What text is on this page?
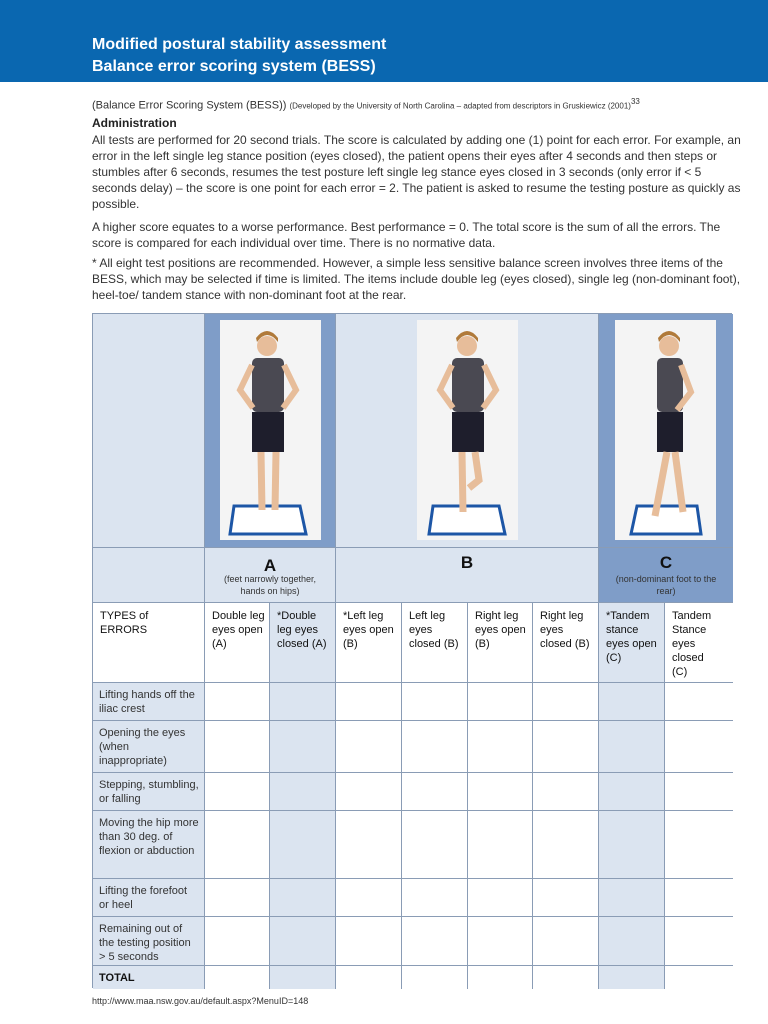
Modified postural stability assessment
Balance error scoring system (BESS)
(Balance Error Scoring System (BESS)) (Developed by the University of North Carolina – adapted from descriptors in Gruskiewicz $(2001)^{33}$
Administration
All tests are performed for 20 second trials. The score is calculated by adding one (1) point for each error. For example, an error in the left single leg stance position (eyes closed), the patient opens their eyes after 4 seconds and then steps or stumbles after 6 seconds, resumes the test posture left single leg stance eyes closed in 3 seconds (only error if < 5 seconds delay) – the score is one point for each error = 2. The patient is asked to resume the testing posture as quickly as possible.
A higher score equates to a worse performance. Best performance = 0. The total score is the sum of all the errors. The score is compared for each individual over time. There is no normative data.
* All eight test positions are recommended. However, a simple less sensitive balance screen involves three items of the BESS, which may be selected if time is limited. The items include double leg (eyes closed), single leg (non-dominant foot), heel-toe/ tandem stance with non-dominant foot at the rear.
A
(feet narrowly together, hands on hips)
B	C
(non-dominant foot to the rear)
TYPES of ERRORS
Double leg eyes open (A)
*Double leg eyes closed (A)
*Left leg eyes open (B)
Left leg eyes closed (B)
Right leg eyes open (B)
Right leg eyes closed (B)
*Tandem stance eyes open (C)
Tandem Stance eyes closed (C)
Lifting hands off the iliac crest
Opening the eyes (when inappropriate)
Stepping, stumbling, or falling
Moving the hip more than 30 deg. of flexion or abduction
Lifting the forefoot or heel
Remaining out of the testing position > 5 seconds
TOTAL
http://www.maa.nsw.gov.au/default.aspx?MenuID=148
